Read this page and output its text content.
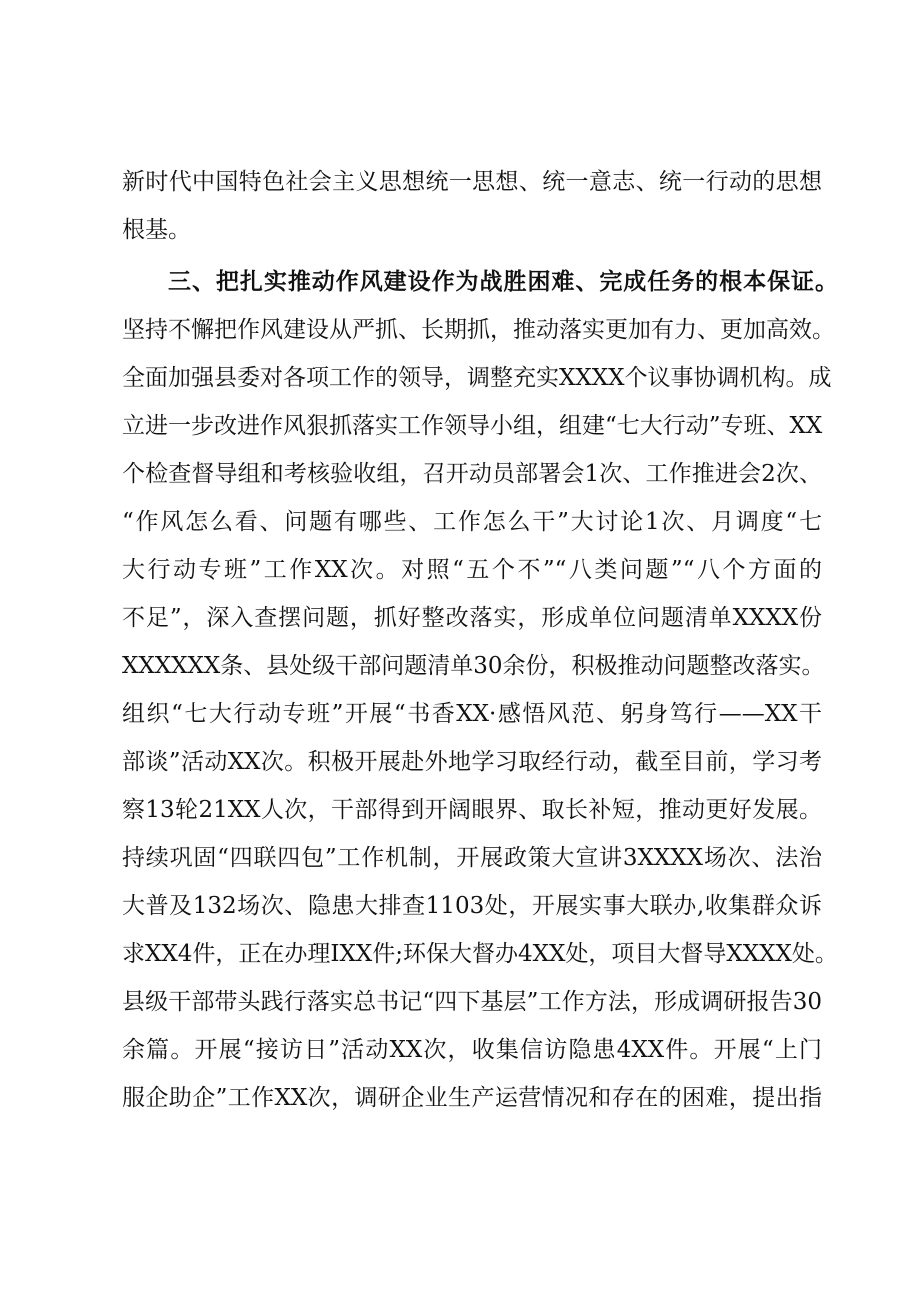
新时代中国特色社会主义思想统一思想、统一意志、统一行动的思想
根基。
三、把扎实推动作风建设作为战胜困难、完成任务的根本保证。
坚持不懈把作风建设从严抓、长期抓，推动落实更加有力、更加高效。
全面加强县委对各项工作的领导，调整充实XXXX个议事协调机构。成
立进一步改进作风狠抓落实工作领导小组，组建“七大行动”专班、XX
个检查督导组和考核验收组，召开动员部署会1次、工作推进会2次、
“作风怎么看、问题有哪些、工作怎么干”大讨论1次、月调度“七
大行动专班”工作XX次。对照“五个不”“八类问题”“八个方面的
不足”，深入查摆问题，抓好整改落实，形成单位问题清单XXXX份
XXXXXX条、县处级干部问题清单30余份，积极推动问题整改落实。
组织“七大行动专班”开展“书香XX·感悟风范、躬身笃行——XX干
部谈”活动XX次。积极开展赴外地学习取经行动，截至目前，学习考
察13轮21XX人次，干部得到开阔眼界、取长补短，推动更好发展。
持续巩固“四联四包”工作机制，开展政策大宣讲3XXXX场次、法治
大普及132场次、隐患大排查1103处，开展实事大联办,收集群众诉
求XX4件，正在办理IXX件;环保大督办4XX处，项目大督导XXXX处。
县级干部带头践行落实总书记“四下基层”工作方法，形成调研报告30
余篇。开展“接访日”活动XX次，收集信访隐患4XX件。开展“上门
服企助企”工作XX次，调研企业生产运营情况和存在的困难，提出指
